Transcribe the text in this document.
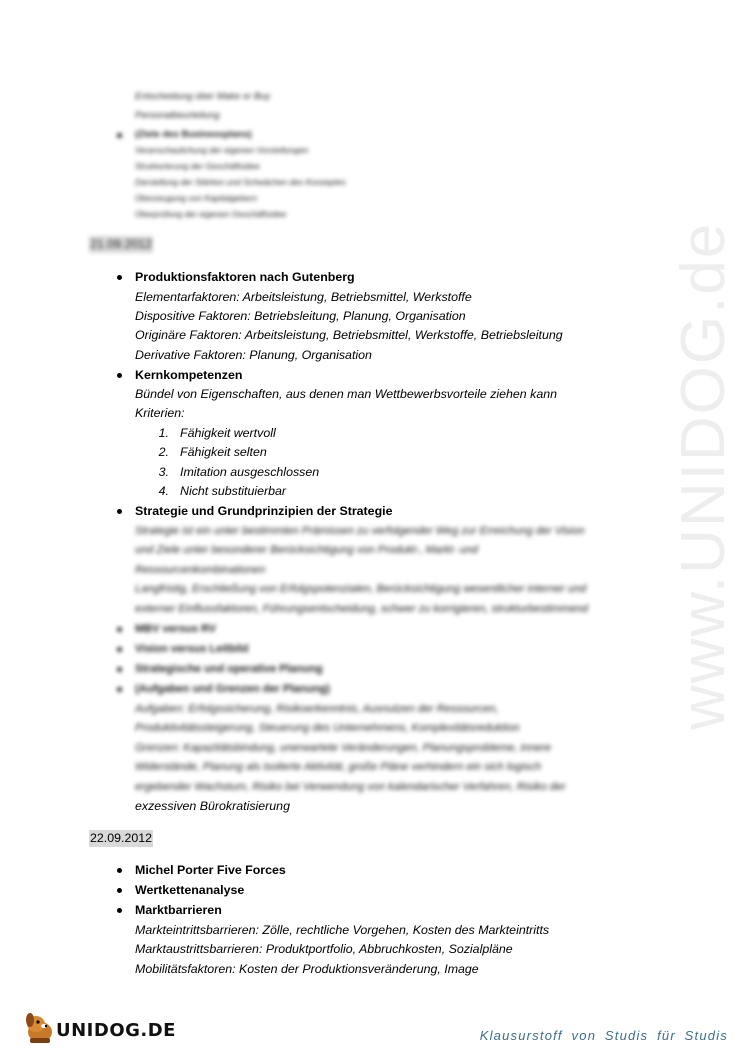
www.UNIDOG.de
Entscheidung über Make or Buy
Personalbeurteilung
(Ziele des Businessplans)
Veranschaulichung der eigenen Vorstellungen
Strukturierung der Geschäftsidee
Darstellung der Stärken und Schwächen des Konzeptes
Überzeugung von Kapitalgebern
Überprüfung der eigenen Geschäftsidee
21.09.2012
Produktionsfaktoren nach Gutenberg
Elementarfaktoren: Arbeitsleistung, Betriebsmittel, Werkstoffe
Dispositive Faktoren: Betriebsleitung, Planung, Organisation
Originäre Faktoren: Arbeitsleistung, Betriebsmittel, Werkstoffe, Betriebsleitung
Derivative Faktoren: Planung, Organisation
Kernkompetenzen
Bündel von Eigenschaften, aus denen man Wettbewerbsvorteile ziehen kann
Kriterien:
1. Fähigkeit wertvoll
2. Fähigkeit selten
3. Imitation ausgeschlossen
4. Nicht substituierbar
Strategie und Grundprinzipien der Strategie
Strategie ist ein unter bestimmten Prämissen zu verfolgender Weg zur Erreichung der Vision
und Ziele unter besonderer Berücksichtigung von Produkt-, Markt- und
Ressourcenkombinationen
Langfristig, Erschließung von Erfolgspotenzialen, Berücksichtigung wesentlicher interner und
externer Einflussfaktoren, Führungsentscheidung, schwer zu korrigieren, strukturbestimmend
MBV versus RV
Vision versus Leitbild
Strategische und operative Planung
(Aufgaben und Grenzen der Planung)
Aufgaben: Erfolgssicherung, Risikoerkenntnis, Ausnutzen der Ressourcen,
Produktivitätssteigerung, Steuerung des Unternehmens, Komplexitätsreduktion
Grenzen: Kapazitätsbindung, unerwartete Veränderungen, Planungsprobleme, innere
Widerstände, Planung als isolierte Aktivität, große Pläne verhindern ein sich logisch
ergebender Wachstum, Risiko bei Verwendung von kalendarischer Verfahren, Risiko der
exzessiven Bürokratisierung
22.09.2012
Michel Porter Five Forces
Wertkettenanalyse
Marktbarrieren
Markteintrittsbarrieren: Zölle, rechtliche Vorgehen, Kosten des Markteintritts
Marktaustrittsbarrieren: Produktportfolio, Abbruchkosten, Sozialpläne
Mobilitätsfaktoren: Kosten der Produktionsveränderung, Image
UNIDOG.DE	Klausurstoff von Studis für Studis
